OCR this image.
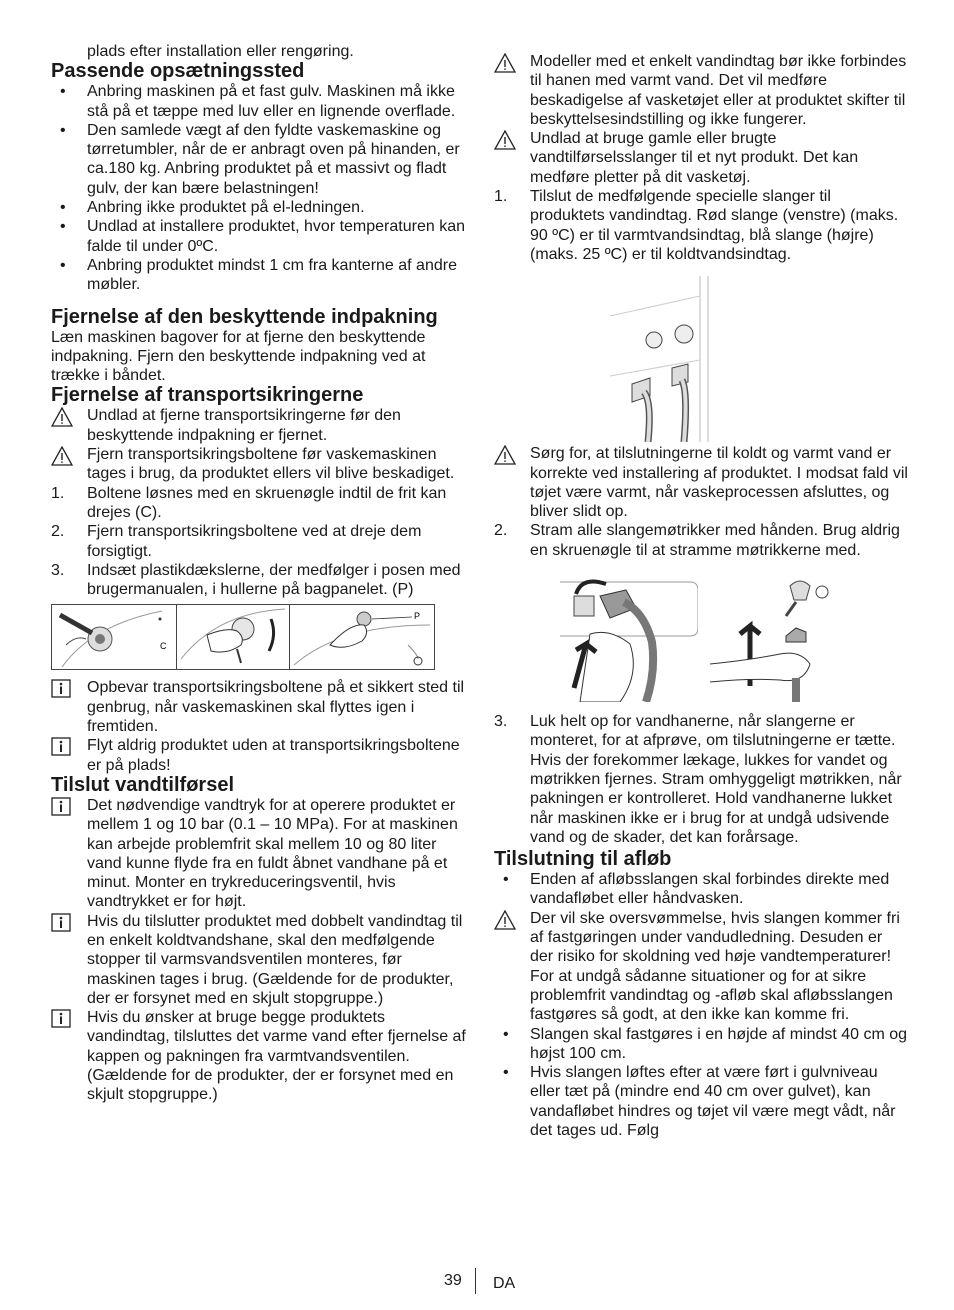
plads efter installation eller rengøring.

Passende opsætningssted
•	Anbring maskinen på et fast gulv. Maskinen må ikke stå på et tæppe med luv eller en lignende overflade.
•	Den samlede vægt af den fyldte vaskemaskine og tørretumbler, når de er anbragt oven på hinanden, er ca.180 kg. Anbring produktet på et massivt og fladt gulv, der kan bære belastningen!
•	Anbring ikke produktet på el-ledningen.
•	Undlad at installere produktet, hvor temperaturen kan falde til under 0ºC.
•	Anbring produktet mindst 1 cm fra kanterne af andre møbler.
Fjernelse af den beskyttende indpakning

Læn maskinen bagover for at fjerne den beskyttende indpakning. Fjern den beskyttende indpakning ved at trække i båndet.

Fjernelse af transportsikringerne
Undlad at fjerne transportsikringerne før den beskyttende indpakning er fjernet.
Fjern transportsikringsboltene før vaskemaskinen tages i brug, da produktet ellers vil blive beskadiget.
1.	Boltene løsnes med en skruenøgle indtil de frit kan drejes (C).
2.	Fjern transportsikringsboltene ved at dreje dem forsigtigt.
3.	Indsæt plastikdækslerne, der medfølger i posen med brugermanualen, i hullerne på bagpanelet. (P)
C
P
Opbevar transportsikringsboltene på et sikkert sted til genbrug, når vaskemaskinen skal flyttes igen i fremtiden.
Flyt aldrig produktet uden at transportsikringsboltene er på plads!
Tilslut vandtilførsel
Det nødvendige vandtryk for at operere produktet er mellem 1 og 10 bar (0.1 – 10 MPa). For at maskinen kan arbejde problemfrit skal mellem 10 og 80 liter vand kunne flyde fra en fuldt åbnet vandhane på et minut. Monter en trykreduceringsventil, hvis vandtrykket er for højt.
Hvis du tilslutter produktet med dobbelt vandindtag til en enkelt koldtvandshane, skal den medfølgende stopper til varmsvandsventilen monteres, før maskinen tages i brug. (Gældende for de produkter, der er forsynet med en skjult stopgruppe.)
Hvis du ønsker at bruge begge produktets vandindtag, tilsluttes det varme vand efter fjernelse af kappen og pakningen fra varmtvandsventilen. (Gældende for de produkter, der er forsynet med en skjult stopgruppe.)
Modeller med et enkelt vandindtag bør ikke forbindes til hanen med varmt vand. Det vil medføre beskadigelse af vasketøjet eller at produktet skifter til beskyttelsesindstilling og ikke fungerer.
Undlad at bruge gamle eller brugte vandtilførselsslanger til et nyt produkt. Det kan medføre pletter på dit vasketøj.
1.	Tilslut de medfølgende specielle slanger til produktets vandindtag. Rød slange (venstre) (maks. 90 ºC) er til varmtvandsindtag, blå slange (højre) (maks. 25 ºC) er til koldtvandsindtag.
Sørg for, at tilslutningerne til koldt og varmt vand er korrekte ved installering af produktet. I modsat fald vil tøjet være varmt, når vaskeprocessen afsluttes, og bliver slidt op.
2.	Stram alle slangemøtrikker med hånden. Brug aldrig en skruenøgle til at stramme møtrikkerne med.
3.	Luk helt op for vandhanerne, når slangerne er monteret, for at afprøve, om tilslutningerne er tætte. Hvis der forekommer lækage, lukkes for vandet og møtrikken fjernes. Stram omhyggeligt møtrikken, når pakningen er kontrolleret. Hold vandhanerne lukket når maskinen ikke er i brug for at undgå udsivende vand og de skader, det kan forårsage.
Tilslutning til afløb
•	Enden af afløbsslangen skal forbindes direkte med vandafløbet eller håndvasken.
Der vil ske oversvømmelse, hvis slangen kommer fri af fastgøringen under vandudledning. Desuden er der risiko for skoldning ved høje vandtemperaturer! For at undgå sådanne situationer og for at sikre problemfrit vandindtag og -afløb skal afløbsslangen fastgøres så godt, at den ikke kan komme fri.
•	Slangen skal fastgøres i en højde af mindst 40 cm og højst 100 cm.
•	Hvis slangen løftes efter at være ført i gulvniveau eller tæt på (mindre end 40 cm over gulvet), kan vandafløbet hindres og tøjet vil være megt vådt, når det tages ud. Følg
39 DA
